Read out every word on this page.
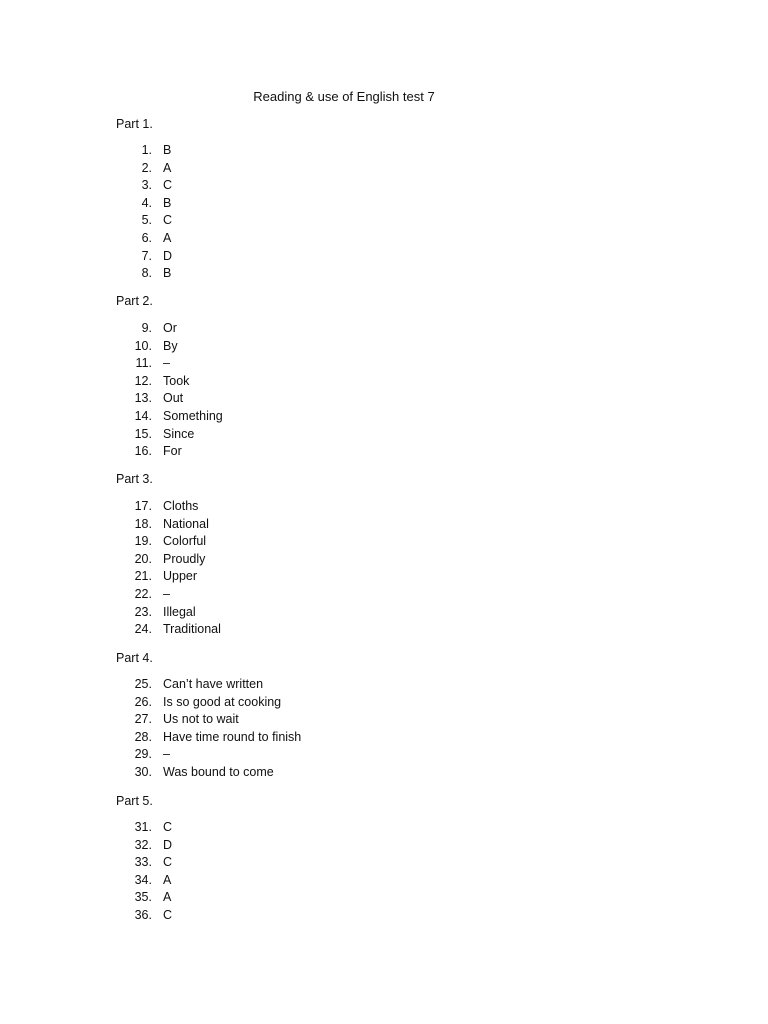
Reading & use of English test 7
Part 1.
1. B
2. A
3. C
4. B
5. C
6. A
7. D
8. B
Part 2.
9. Or
10. By
11. –
12. Took
13. Out
14. Something
15. Since
16. For
Part 3.
17. Cloths
18. National
19. Colorful
20. Proudly
21. Upper
22. –
23. Illegal
24. Traditional
Part 4.
25. Can’t have written
26. Is so good at cooking
27. Us not to wait
28. Have time round to finish
29. –
30. Was bound to come
Part 5.
31. C
32. D
33. C
34. A
35. A
36. C
